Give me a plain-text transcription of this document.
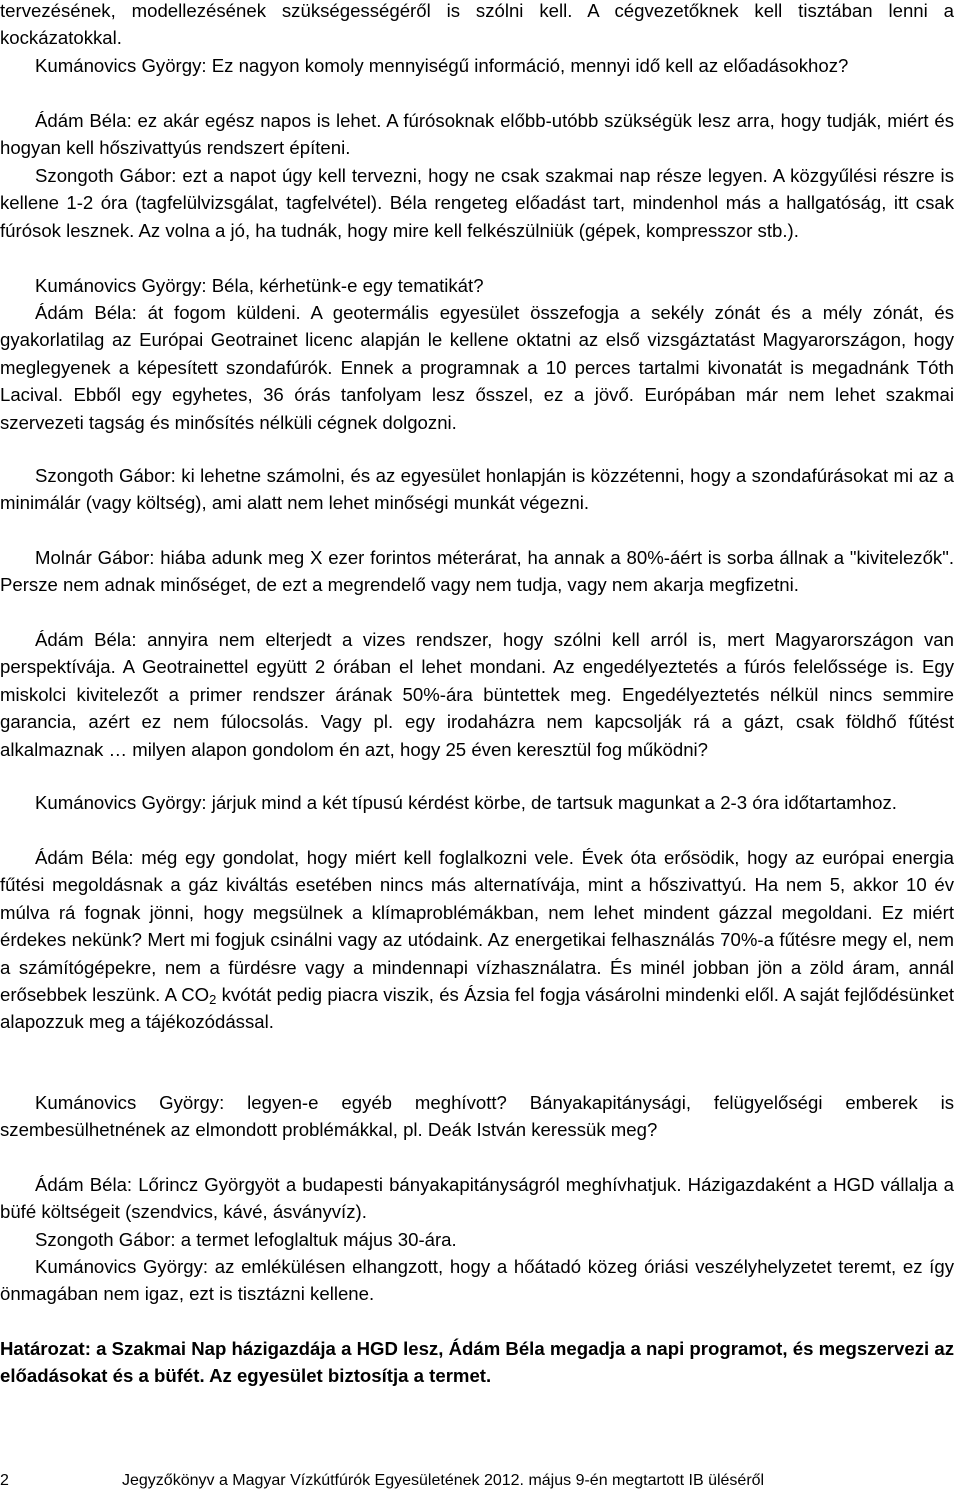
tervezésének, modellezésének szükségességéről is szólni kell. A cégvezetőknek kell tisztában lenni a kockázatokkal.

Kumánovics György: Ez nagyon komoly mennyiségű információ, mennyi idő kell az előadásokhoz?

Ádám Béla: ez akár egész napos is lehet. A fúrósoknak előbb-utóbb szükségük lesz arra, hogy tudják, miért és hogyan kell hőszivattyús rendszert építeni.

Szongoth Gábor: ezt a napot úgy kell tervezni, hogy ne csak szakmai nap része legyen. A közgyűlési részre is kellene 1-2 óra (tagfelülvizsgálat, tagfelvétel). Béla rengeteg előadást tart, mindenhol más a hallgatóság, itt csak fúrósok lesznek. Az volna a jó, ha tudnák, hogy mire kell felkészülniük (gépek, kompresszor stb.).

Kumánovics György: Béla, kérhetünk-e egy tematikát?

Ádám Béla: át fogom küldeni. A geotermális egyesület összefogja a sekély zónát és a mély zónát, és gyakorlatilag az Európai Geotrainet licenc alapján le kellene oktatni az első vizsgáztatást Magyarországon, hogy meglegyenek a képesített szondafúrók. Ennek a programnak a 10 perces tartalmi kivonatát is megadnánk Tóth Lacival. Ebből egy egyhetes, 36 órás tanfolyam lesz ősszel, ez a jövő. Európában már nem lehet szakmai szervezeti tagság és minősítés nélküli cégnek dolgozni.

Szongoth Gábor: ki lehetne számolni, és az egyesület honlapján is közzétenni, hogy a szondafúrásokat mi az a minimálár (vagy költség), ami alatt nem lehet minőségi munkát végezni.

Molnár Gábor: hiába adunk meg X ezer forintos méterárat, ha annak a 80%-áért is sorba állnak a "kivitelezők". Persze nem adnak minőséget, de ezt a megrendelő vagy nem tudja, vagy nem akarja megfizetni.

Ádám Béla: annyira nem elterjedt a vizes rendszer, hogy szólni kell arról is, mert Magyarországon van perspektívája. A Geotrainettel együtt 2 órában el lehet mondani. Az engedélyeztetés a fúrós felelőssége is. Egy miskolci kivitelezőt a primer rendszer árának 50%-ára büntettek meg. Engedélyeztetés nélkül nincs semmire garancia, azért ez nem fúlocsolás. Vagy pl. egy irodaházra nem kapcsolják rá a gázt, csak földhő fűtést alkalmaznak … milyen alapon gondolom én azt, hogy 25 éven keresztül fog működni?

Kumánovics György: járjuk mind a két típusú kérdést körbe, de tartsuk magunkat a 2-3 óra időtartamhoz.

Ádám Béla: még egy gondolat, hogy miért kell foglalkozni vele. Évek óta erősödik, hogy az európai energia fűtési megoldásnak a gáz kiváltás esetében nincs más alternatívája, mint a hőszivattyú. Ha nem 5, akkor 10 év múlva rá fognak jönni, hogy megsülnek a klímaproblémákban, nem lehet mindent gázzal megoldani. Ez miért érdekes nekünk? Mert mi fogjuk csinálni vagy az utódaink. Az energetikai felhasználás 70%-a fűtésre megy el, nem a számítógépekre, nem a fürdésre vagy a mindennapi vízhasználatra. És minél jobban jön a zöld áram, annál erősebbek leszünk. A $CO_2$ kvótát pedig piacra viszik, és Ázsia fel fogja vásárolni mindenki elől. A saját fejlődésünket alapozzuk meg a tájékozódással.

Kumánovics György: legyen-e egyéb meghívott? Bányakapitánysági, felügyelőségi emberek is szembesülhetnének az elmondott problémákkal, pl. Deák István keressük meg?

Ádám Béla: Lőrincz Györgyöt a budapesti bányakapitányságról meghívhatjuk. Házigazdaként a HGD vállalja a büfé költségeit (szendvics, kávé, ásványvíz).

Szongoth Gábor: a termet lefoglaltuk május 30-ára.

Kumánovics György: az emlékülésen elhangzott, hogy a hőátadó közeg óriási veszélyhelyzetet teremt, ez így önmagában nem igaz, ezt is tisztázni kellene.

Határozat: a Szakmai Nap házigazdája a HGD lesz, Ádám Béla megadja a napi programot, és megszervezi az előadásokat és a büfét. Az egyesület biztosítja a termet.

2	Jegyzőkönyv a Magyar Vízkútfúrók Egyesületének 2012. május 9-én megtartott IB üléséről
